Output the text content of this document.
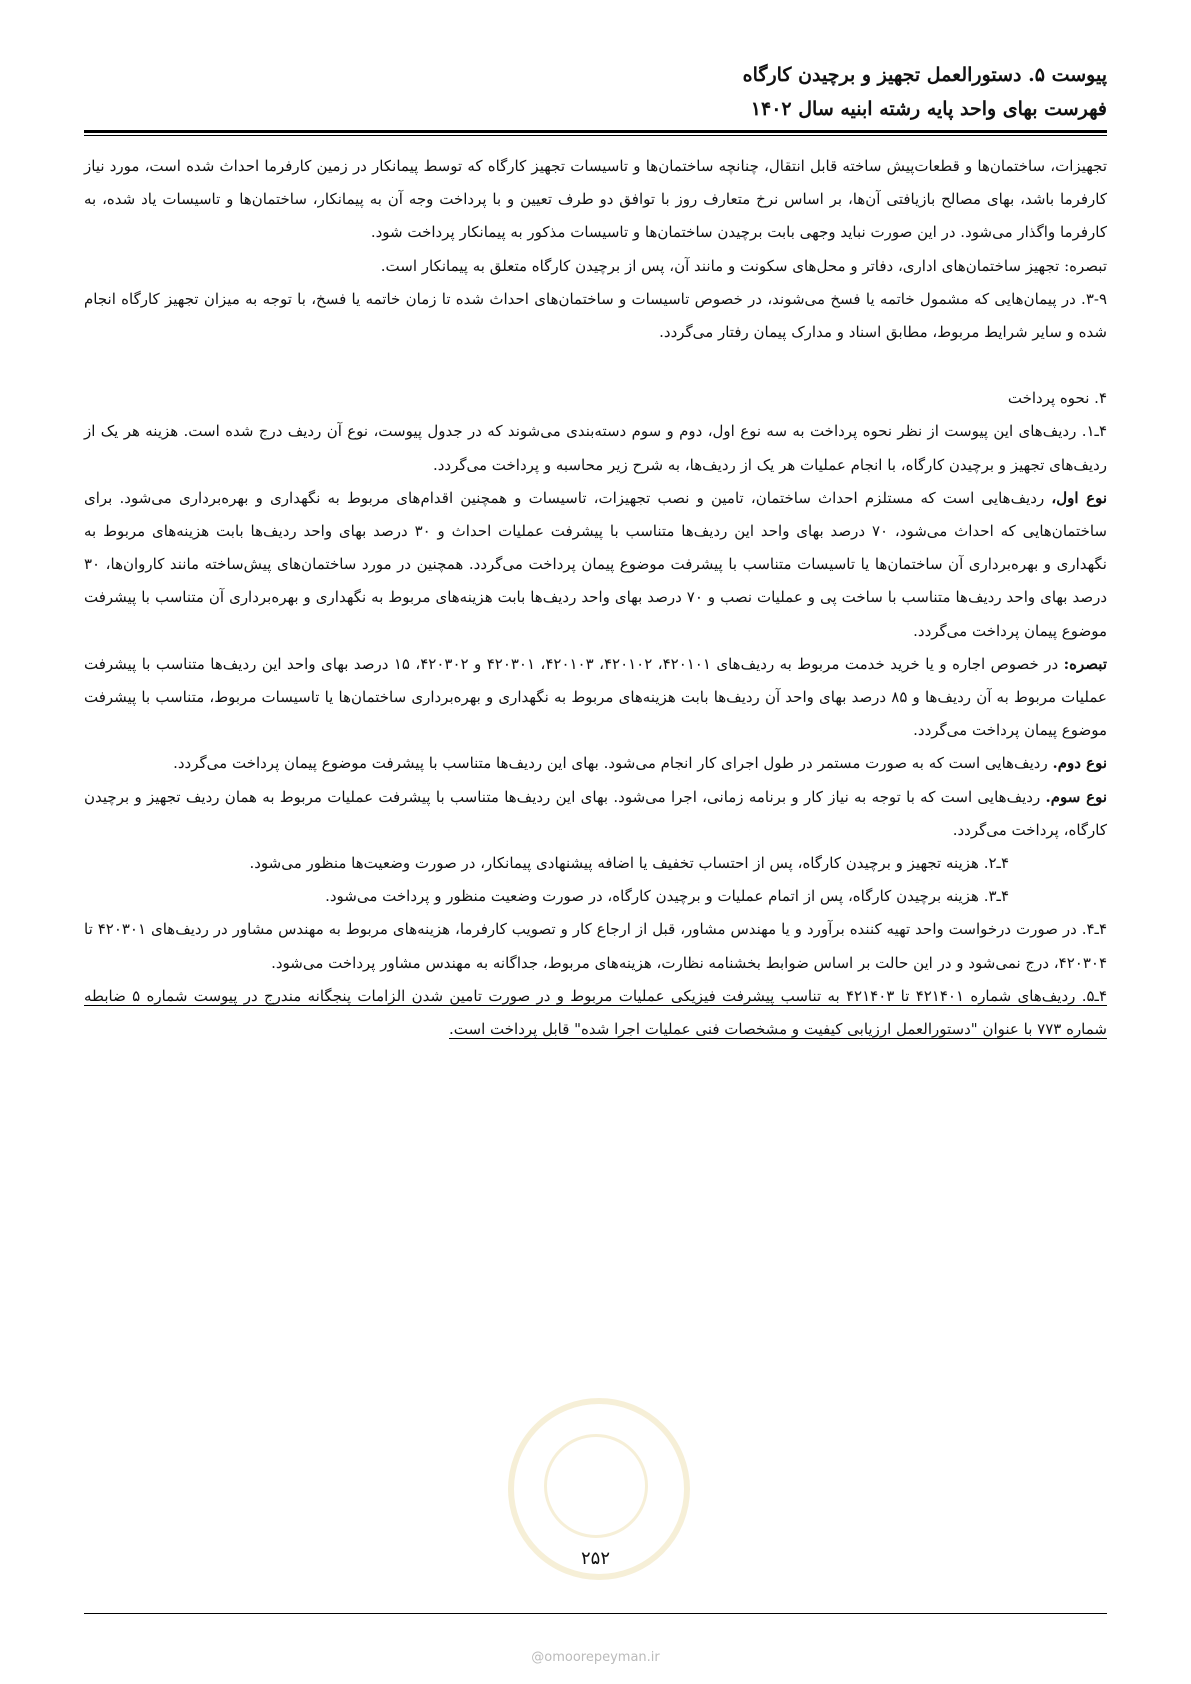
پیوست ۵. دستورالعمل تجهیز و برچیدن کارگاه
فهرست بهای واحد پایه رشته ابنیه سال ۱۴۰۲

تجهیزات، ساختمان‌ها و قطعات‌پیش ساخته قابل انتقال، چنانچه ساختمان‌ها و تاسیسات تجهیز کارگاه که توسط پیمانکار در زمین کارفرما احداث شده است، مورد نیاز کارفرما باشد، بهای مصالح بازیافتی آن‌ها، بر اساس نرخ متعارف روز با توافق دو طرف تعیین و با پرداخت وجه آن به پیمانکار، ساختمان‌ها و تاسیسات یاد شده، به کارفرما واگذار می‌شود. در این صورت نباید وجهی بابت برچیدن ساختمان‌ها و تاسیسات مذکور به پیمانکار پرداخت شود.

تبصره: تجهیز ساختمان‌های اداری، دفاتر و محل‌های سکونت و مانند آن، پس از برچیدن کارگاه متعلق به پیمانکار است.

۳-۹. در پیمان‌هایی که مشمول خاتمه یا فسخ می‌شوند، در خصوص تاسیسات و ساختمان‌های احداث شده تا زمان خاتمه یا فسخ، با توجه به میزان تجهیز کارگاه انجام شده و سایر شرایط مربوط، مطابق اسناد و مدارک پیمان رفتار می‌گردد.

۴. نحوه پرداخت

۴ـ۱. ردیف‌های این پیوست از نظر نحوه پرداخت به سه نوع اول، دوم و سوم دسته‌بندی می‌شوند که در جدول پیوست، نوع آن ردیف درج شده است. هزینه هر یک از ردیف‌های تجهیز و برچیدن کارگاه، با انجام عملیات هر یک از ردیف‌ها، به شرح زیر محاسبه و پرداخت می‌گردد.

نوع اول، ردیف‌هایی است که مستلزم احداث ساختمان، تامین و نصب تجهیزات، تاسیسات و همچنین اقدام‌های مربوط به نگهداری و بهره‌برداری می‌شود. برای ساختمان‌هایی که احداث می‌شود، ۷۰ درصد بهای واحد این ردیف‌ها متناسب با پیشرفت عملیات احداث و ۳۰ درصد بهای واحد ردیف‌ها بابت هزینه‌های مربوط به نگهداری و بهره‌برداری آن ساختمان‌ها یا تاسیسات متناسب با پیشرفت موضوع پیمان پرداخت می‌گردد. همچنین در مورد ساختمان‌های پیش‌ساخته مانند کاروان‌ها، ۳۰ درصد بهای واحد ردیف‌ها متناسب با ساخت پی و عملیات نصب و ۷۰ درصد بهای واحد ردیف‌ها بابت هزینه‌های مربوط به نگهداری و بهره‌برداری آن متناسب با پیشرفت موضوع پیمان پرداخت می‌گردد.

تبصره: در خصوص اجاره و یا خرید خدمت مربوط به ردیف‌های ۴۲۰۱۰۱، ۴۲۰۱۰۲، ۴۲۰۱۰۳، ۴۲۰۳۰۱ و ۴۲۰۳۰۲، ۱۵ درصد بهای واحد این ردیف‌ها متناسب با پیشرفت عملیات مربوط به آن ردیف‌ها و ۸۵ درصد بهای واحد آن ردیف‌ها بابت هزینه‌های مربوط به نگهداری و بهره‌برداری ساختمان‌ها یا تاسیسات مربوط، متناسب با پیشرفت موضوع پیمان پرداخت می‌گردد.

نوع دوم. ردیف‌هایی است که به صورت مستمر در طول اجرای کار انجام می‌شود. بهای این ردیف‌ها متناسب با پیشرفت موضوع پیمان پرداخت می‌گردد.

نوع سوم. ردیف‌هایی است که با توجه به نیاز کار و برنامه زمانی، اجرا می‌شود. بهای این ردیف‌ها متناسب با پیشرفت عملیات مربوط به همان ردیف تجهیز و برچیدن کارگاه، پرداخت می‌گردد.

۴ـ۲. هزینه تجهیز و برچیدن کارگاه، پس از احتساب تخفیف یا اضافه پیشنهادی پیمانکار، در صورت وضعیت‌ها منظور می‌شود.

۴ـ۳. هزینه برچیدن کارگاه، پس از اتمام عملیات و برچیدن کارگاه، در صورت وضعیت منظور و پرداخت می‌شود.

۴ـ۴. در صورت درخواست واحد تهیه کننده برآورد و یا مهندس مشاور، قبل از ارجاع کار و تصویب کارفرما، هزینه‌های مربوط به مهندس مشاور در ردیف‌های ۴۲۰۳۰۱ تا ۴۲۰۳۰۴، درج نمی‌شود و در این حالت بر اساس ضوابط بخشنامه نظارت، هزینه‌های مربوط، جداگانه به مهندس مشاور پرداخت می‌شود.

۴ـ۵. ردیف‌های شماره ۴۲۱۴۰۱ تا ۴۲۱۴۰۳ به تناسب پیشرفت فیزیکی عملیات مربوط و در صورت تامین شدن الزامات پنجگانه مندرج در پیوست شماره ۵ ضابطه شماره ۷۷۳ با عنوان "دستورالعمل ارزیابی کیفیت و مشخصات فنی عملیات اجرا شده" قابل پرداخت است.

۲۵۲
@omoorepeyman.ir
